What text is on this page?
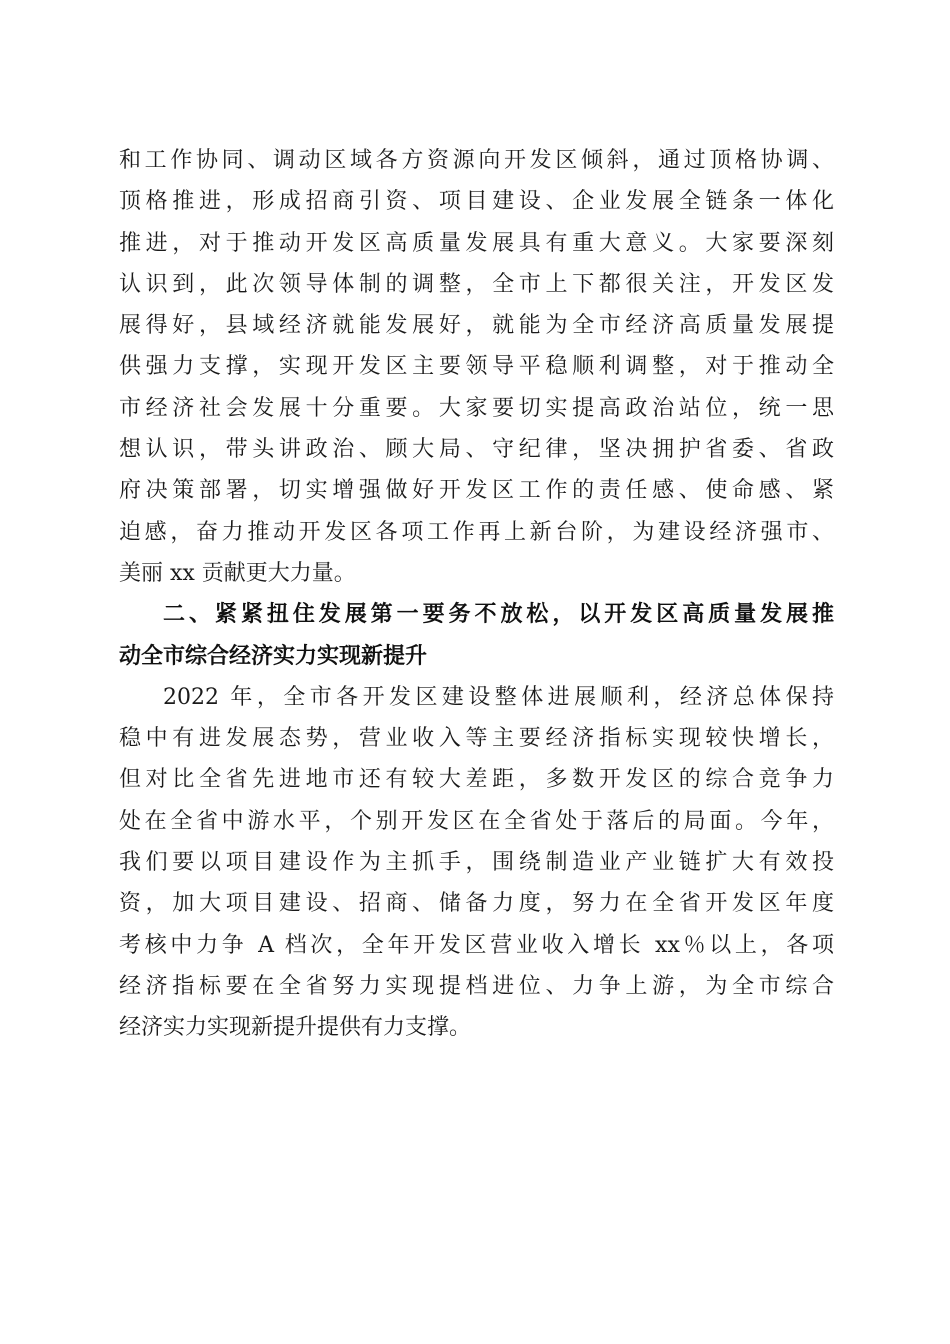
和工作协同、调动区域各方资源向开发区倾斜，通过顶格协调、
顶格推进，形成招商引资、项目建设、企业发展全链条一体化
推进，对于推动开发区高质量发展具有重大意义。大家要深刻
认识到，此次领导体制的调整，全市上下都很关注，开发区发
展得好，县域经济就能发展好，就能为全市经济高质量发展提
供强力支撑，实现开发区主要领导平稳顺利调整，对于推动全
市经济社会发展十分重要。大家要切实提高政治站位，统一思
想认识，带头讲政治、顾大局、守纪律，坚决拥护省委、省政
府决策部署，切实增强做好开发区工作的责任感、使命感、紧
迫感，奋力推动开发区各项工作再上新台阶，为建设经济强市、
美丽 xx 贡献更大力量。
二、紧紧扭住发展第一要务不放松，以开发区高质量发展推
动全市综合经济实力实现新提升
2022 年，全市各开发区建设整体进展顺利，经济总体保持
稳中有进发展态势，营业收入等主要经济指标实现较快增长，
但对比全省先进地市还有较大差距，多数开发区的综合竞争力
处在全省中游水平，个别开发区在全省处于落后的局面。今年，
我们要以项目建设作为主抓手，围绕制造业产业链扩大有效投
资，加大项目建设、招商、储备力度，努力在全省开发区年度
考核中力争 A 档次，全年开发区营业收入增长 xx％以上，各项
经济指标要在全省努力实现提档进位、力争上游，为全市综合
经济实力实现新提升提供有力支撑。
